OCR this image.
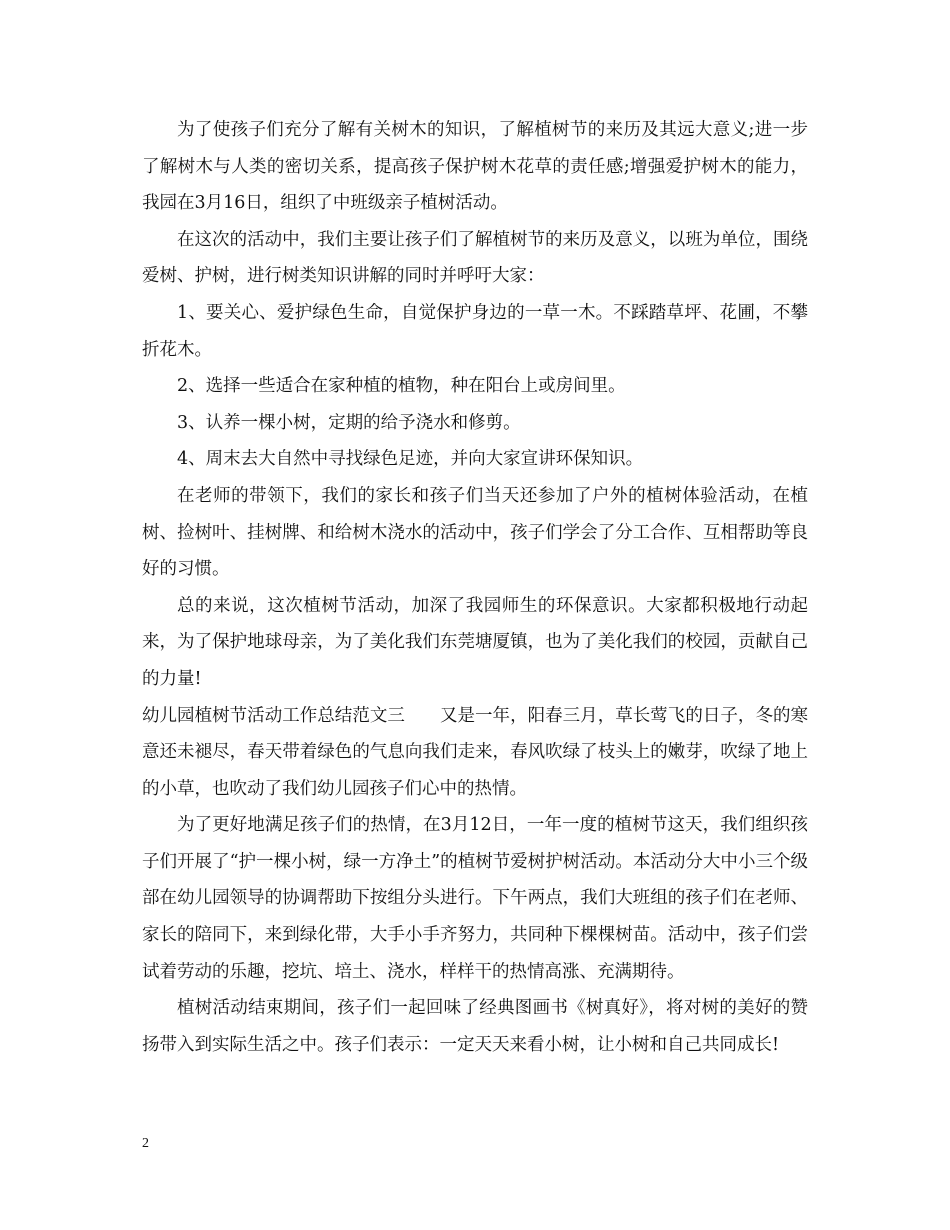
为了使孩子们充分了解有关树木的知识，了解植树节的来历及其远大意义;进一步了解树木与人类的密切关系，提高孩子保护树木花草的责任感;增强爱护树木的能力，我园在3月16日，组织了中班级亲子植树活动。

在这次的活动中，我们主要让孩子们了解植树节的来历及意义，以班为单位，围绕爱树、护树，进行树类知识讲解的同时并呼吁大家：

1、要关心、爱护绿色生命，自觉保护身边的一草一木。不踩踏草坪、花圃，不攀折花木。

2、选择一些适合在家种植的植物，种在阳台上或房间里。

3、认养一棵小树，定期的给予浇水和修剪。

4、周末去大自然中寻找绿色足迹，并向大家宣讲环保知识。

在老师的带领下，我们的家长和孩子们当天还参加了户外的植树体验活动，在植树、捡树叶、挂树牌、和给树木浇水的活动中，孩子们学会了分工合作、互相帮助等良好的习惯。

总的来说，这次植树节活动，加深了我园师生的环保意识。大家都积极地行动起来，为了保护地球母亲，为了美化我们东莞塘厦镇，也为了美化我们的校园，贡献自己的力量!

幼儿园植树节活动工作总结范文三　　又是一年，阳春三月，草长莺飞的日子，冬的寒意还未褪尽，春天带着绿色的气息向我们走来，春风吹绿了枝头上的嫩芽，吹绿了地上的小草，也吹动了我们幼儿园孩子们心中的热情。

为了更好地满足孩子们的热情，在3月12日，一年一度的植树节这天，我们组织孩子们开展了“护一棵小树，绿一方净土”的植树节爱树护树活动。本活动分大中小三个级部在幼儿园领导的协调帮助下按组分头进行。下午两点，我们大班组的孩子们在老师、家长的陪同下，来到绿化带，大手小手齐努力，共同种下棵棵树苗。活动中，孩子们尝试着劳动的乐趣，挖坑、培土、浇水，样样干的热情高涨、充满期待。

植树活动结束期间，孩子们一起回味了经典图画书《树真好》，将对树的美好的赞扬带入到实际生活之中。孩子们表示：一定天天来看小树，让小树和自己共同成长!

2
